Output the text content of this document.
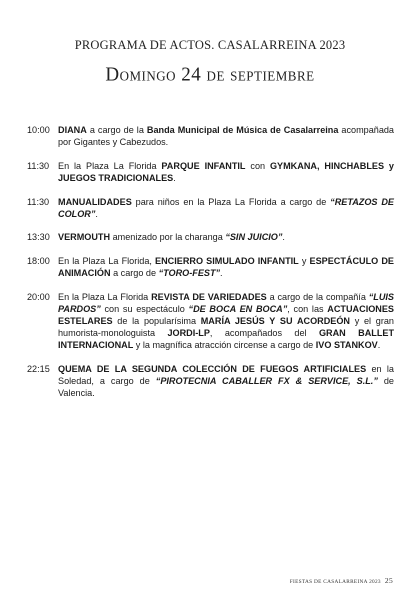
PROGRAMA DE ACTOS. CASALARREINA 2023
Domingo 24 de septiembre
10:00 DIANA a cargo de la Banda Municipal de Música de Casalarreina acompañada por Gigantes y Cabezudos.
11:30 En la Plaza La Florida PARQUE INFANTIL con GYMKANA, HINCHABLES y JUEGOS TRADICIONALES.
11:30 MANUALIDADES para niños en la Plaza La Florida a cargo de “RETAZOS DE COLOR”.
13:30 VERMOUTH amenizado por la charanga “SIN JUICIO”.
18:00 En la Plaza La Florida, ENCIERRO SIMULADO INFANTIL y ESPECTÁCULO DE ANIMACIÓN a cargo de “TORO-FEST”.
20:00 En la Plaza La Florida REVISTA DE VARIEDADES a cargo de la compañía “LUIS PARDOS” con su espectáculo “DE BOCA EN BOCA”, con las ACTUACIONES ESTELARES de la popularísima MARÍA JESÚS Y SU ACORDEÓN y el gran humorista-monologuista JORDI-LP, acompañados del GRAN BALLET INTERNACIONAL y la magnífica atracción circense a cargo de IVO STANKOV.
22:15 QUEMA DE LA SEGUNDA COLECCIÓN DE FUEGOS ARTIFICIALES en la Soledad, a cargo de “PIROTECNIA CABALLER FX & SERVICE, S.L.” de Valencia.
FIESTAS DE CASALARREINA 2023 25
